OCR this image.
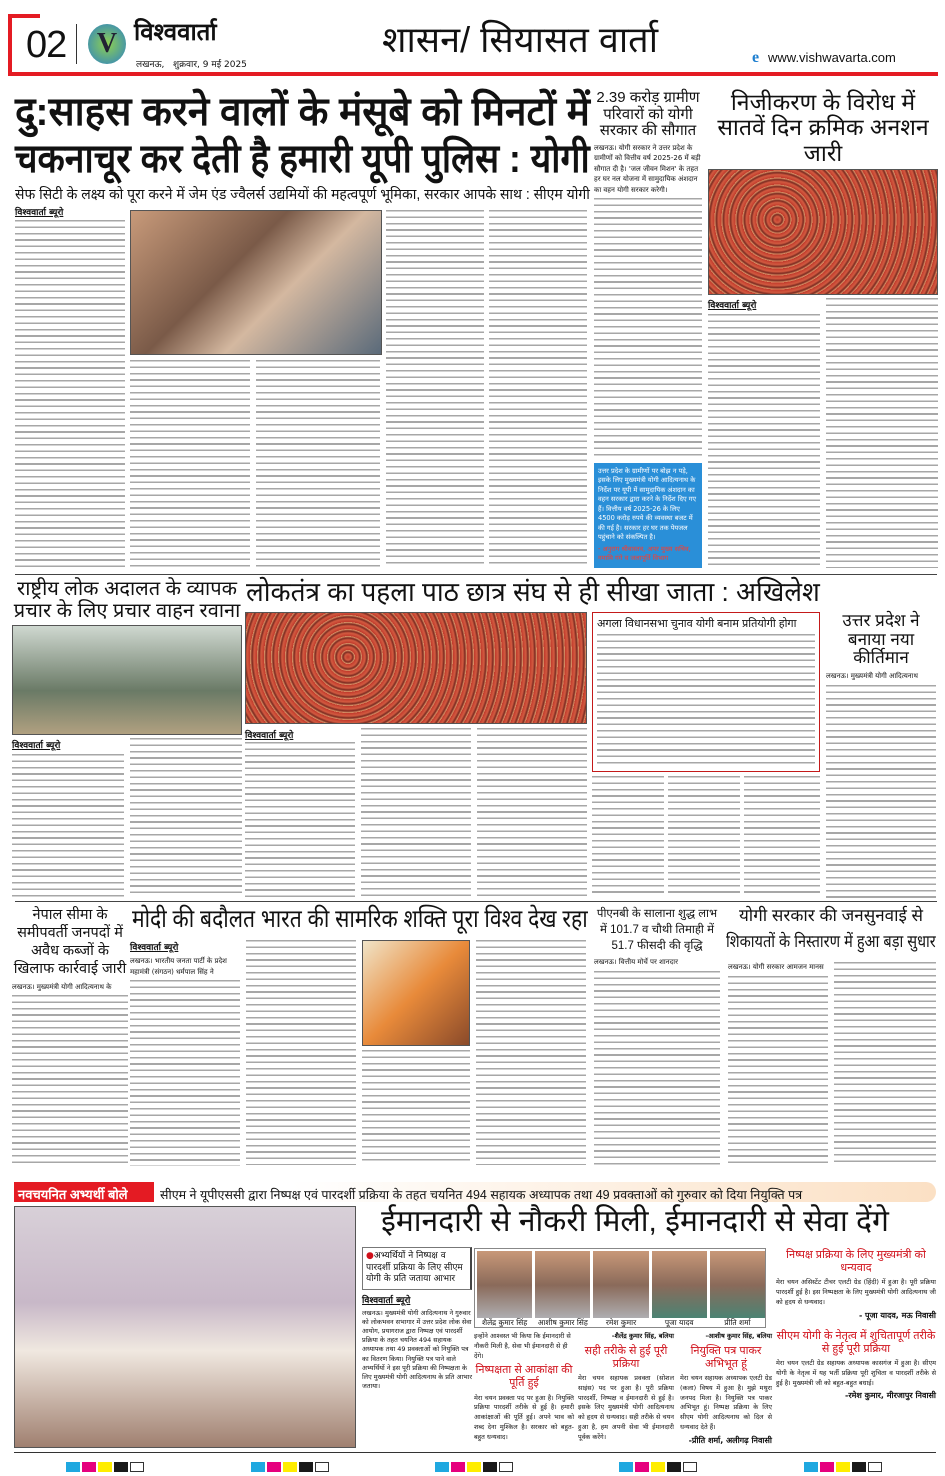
02	V विश्ववार्ता
लखनऊ,   शुक्रवार, 9 मई 2025
शासन/ सियासत वार्ता	e www.vishwavarta.com
दु:साहस करने वालों के मंसूबे को मिनटों में
चकनाचूर कर देती है हमारी यूपी पुलिस : योगी
सेफ सिटी के लक्ष्य को पूरा करने में जेम एंड ज्वैलर्स उद्यमियों की महत्वपूर्ण भूमिका, सरकार आपके साथ : सीएम योगी
विश्ववार्ता ब्यूरो
2.39 करोड़ ग्रामीण परिवारों को योगी सरकार की सौगात
लखनऊ। योगी सरकार ने उत्तर प्रदेश के ग्रामीणों को वित्तीय वर्ष 2025-26 में बड़ी सौगात दी है। 'जल जीवन मिशन' के तहत हर घर नल योजना में सामुदायिक अंशदान का वहन योगी सरकार करेगी।
उत्तर प्रदेश के ग्रामीणों पर बोझ न पड़े, इसके लिए मुख्यमंत्री योगी आदित्यनाथ के निर्देश पर यूपी में सामुदायिक अंशदान का वहन सरकार द्वारा करने के निर्देश दिए गए हैं। वित्तीय वर्ष 2025-26 के लिए 4500 करोड़ रुपये की व्यवस्था बजट में की गई है। सरकार हर घर तक पेयजल पहुंचाने को संकल्पित है।
- अनुराग श्रीवास्तव, अपर मुख्य सचिव, नमामि गंगे व जलापूर्ति विभाग
निजीकरण के विरोध में सातवें दिन क्रमिक अनशन जारी
विश्ववार्ता ब्यूरो
राष्ट्रीय लोक अदालत के व्यापक प्रचार के लिए प्रचार वाहन रवाना
विश्ववार्ता ब्यूरो
लोकतंत्र का पहला पाठ छात्र संघ से ही सीखा जाता : अखिलेश
विश्ववार्ता ब्यूरो
अगला विधानसभा चुनाव योगी बनाम प्रतियोगी होगा	उत्तर प्रदेश ने बनाया नया कीर्तिमान
लखनऊ। मुख्यमंत्री योगी आदित्यनाथ
नेपाल सीमा के समीपवर्ती जनपदों में अवैध कब्जों के खिलाफ कार्रवाई जारी
लखनऊ। मुख्यमंत्री योगी आदित्यनाथ के
मोदी की बदौलत भारत की सामरिक शक्ति पूरा विश्व देख रहा
विश्ववार्ता ब्यूरो
लखनऊ। भारतीय जनता पार्टी के प्रदेश महामंत्री (संगठन) धर्मपाल सिंह ने
पीएनबी के सालाना शुद्ध लाभ में 101.7 व चौथी तिमाही में 51.7 फीसदी की वृद्धि
लखनऊ। वित्तीय मोर्चे पर शानदार
योगी सरकार की जनसुनवाई से
शिकायतों के निस्तारण में हुआ बड़ा सुधार
लखनऊ। योगी सरकार आमजन मानस
नवचयनित अभ्यर्थी बोले	सीएम ने यूपीएससी द्वारा निष्पक्ष एवं पारदर्शी प्रक्रिया के तहत चयनित 494 सहायक अध्यापक तथा 49 प्रवक्ताओं को गुरुवार को दिया नियुक्ति पत्र
ईमानदारी से नौकरी मिली, ईमानदारी से सेवा देंगे
●अभ्यर्थियों ने निष्पक्ष व पारदर्शी प्रक्रिया के लिए सीएम योगी के प्रति जताया आभार
विश्ववार्ता ब्यूरो
लखनऊ। मुख्यमंत्री योगी आदित्यनाथ ने गुरुवार को लोकभवन सभागार में उत्तर प्रदेश लोक सेवा आयोग, प्रयागराज द्वारा निष्पक्ष एवं पारदर्शी प्रक्रिया के तहत चयनित 494 सहायक अध्यापक तथा 49 प्रवक्ताओं को नियुक्ति पत्र का वितरण किया। नियुक्ति पत्र पाने वाले अभ्यर्थियों ने इस पूरी प्रक्रिया की निष्पक्षता के लिए मुख्यमंत्री योगी आदित्यनाथ के प्रति आभार जताया।
शैलेंद्र कुमार सिंह	आशीष कुमार सिंह	रमेश कुमार	पूजा यादव	प्रीति शर्मा
इन्होंने आश्वस्त भी किया कि ईमानदारी से नौकरी मिली है, सेवा भी ईमानदारी से ही देंगे।
निष्पक्षता से आकांक्षा की पूर्ति हुई
मेरा चयन प्रवक्ता पद पर हुआ है। नियुक्ति प्रक्रिया पारदर्शी तरीके से हुई है। हमारी आकांक्षाओं की पूर्ति हुई। अपने भाव को शब्द देना मुश्किल है। सरकार को बहुत-बहुत धन्यवाद।
-शैलेंद्र कुमार सिंह, बलिया
सही तरीके से हुई पूरी प्रक्रिया
मेरा चयन सहायक प्रवक्ता (सोशल साइंस) पद पर हुआ है। पूरी प्रक्रिया पारदर्शी, निष्पक्ष व ईमानदारी से हुई है। इसके लिए मुख्यमंत्री योगी आदित्यनाथ को हृदय से धन्यवाद। सही तरीके से चयन हुआ है, हम अपनी सेवा भी ईमानदारी पूर्वक करेंगे।
-आशीष कुमार सिंह, बलिया
नियुक्ति पत्र पाकर अभिभूत हूं
मेरा चयन सहायक अध्यापक एलटी ग्रेड (कला) विषय में हुआ है। मुझे मथुरा जनपद मिला है। नियुक्ति पत्र पाकर अभिभूत हूं। निष्पक्ष प्रक्रिया के लिए सीएम योगी आदित्यनाथ को दिल से धन्यवाद देते हैं।
-प्रीति शर्मा, अलीगढ़ निवासी
निष्पक्ष प्रक्रिया के लिए मुख्यमंत्री को धन्यवाद
मेरा चयन असिस्टेंट टीचर एलटी ग्रेड (हिंदी) में हुआ है। पूरी प्रक्रिया पारदर्शी हुई है। इस निष्पक्षता के लिए मुख्यमंत्री योगी आदित्यनाथ जी को हृदय से धन्यवाद।
- पूजा यादव, मऊ निवासी
सीएम योगी के नेतृत्व में शुचितापूर्ण तरीके से हुई पूरी प्रक्रिया
मेरा चयन एलटी ग्रेड सहायक अध्यापक कासगंज में हुआ है। सीएम योगी के नेतृत्व में यह भर्ती प्रक्रिया पूरी शुचिता व पारदर्शी तरीके से हुई है। मुख्यमंत्री जी को बहुत-बहुत बधाई।
-रमेश कुमार, मीरजापुर निवासी
